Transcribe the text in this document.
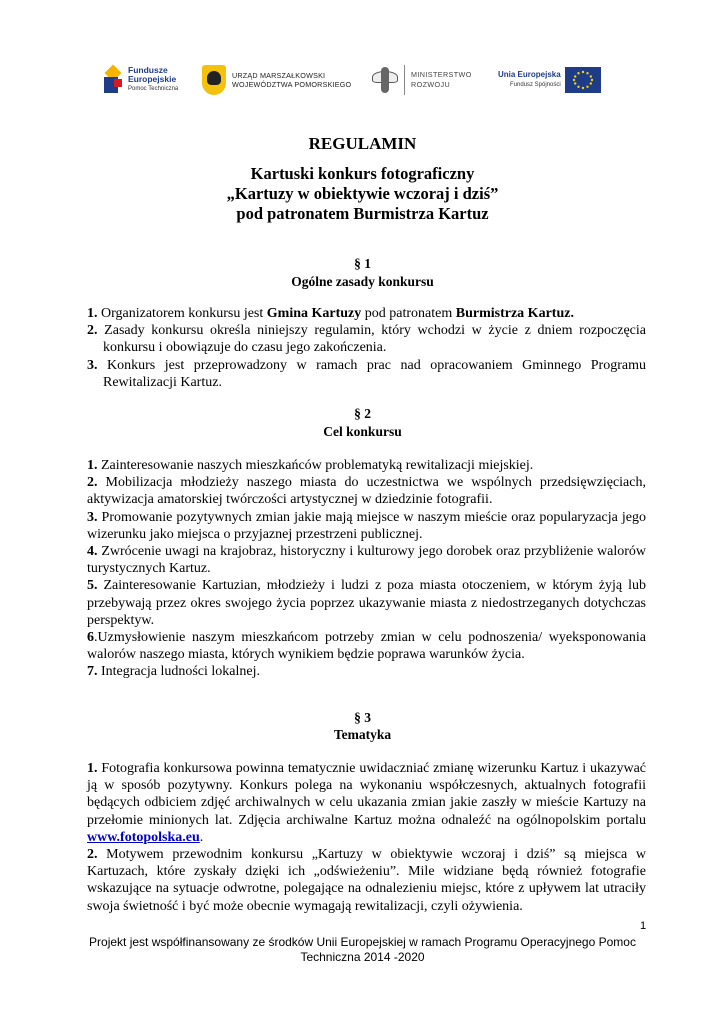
Fundusze
Europejskie
Pomoc Techniczna
URZĄD MARSZAŁKOWSKI
WOJEWÓDZTWA POMORSKIEGO
MINISTERSTWO
ROZWOJU
Unia Europejska
Fundusz Spójności
REGULAMIN
Kartuski konkurs fotograficzny
„Kartuzy w obiektywie wczoraj i dziś”
pod patronatem Burmistrza Kartuz
§ 1
Ogólne zasady konkursu
1. Organizatorem konkursu jest Gmina Kartuzy pod patronatem Burmistrza Kartuz.
2. Zasady konkursu określa niniejszy regulamin, który wchodzi w życie z dniem rozpoczęcia konkursu i obowiązuje do czasu jego zakończenia.
3. Konkurs jest przeprowadzony w ramach prac nad opracowaniem Gminnego Programu Rewitalizacji Kartuz.
§ 2
Cel konkursu
1. Zainteresowanie naszych mieszkańców problematyką rewitalizacji miejskiej.
2. Mobilizacja młodzieży naszego miasta do uczestnictwa we wspólnych przedsięwzięciach, aktywizacja amatorskiej twórczości artystycznej w dziedzinie fotografii.
3. Promowanie pozytywnych zmian jakie mają miejsce w naszym mieście oraz popularyzacja jego wizerunku jako miejsca o przyjaznej przestrzeni publicznej.
4. Zwrócenie uwagi na krajobraz, historyczny i kulturowy jego dorobek oraz przybliżenie walorów turystycznych Kartuz.
5. Zainteresowanie Kartuzian, młodzieży i ludzi z poza miasta otoczeniem, w którym żyją lub przebywają przez okres swojego życia poprzez ukazywanie miasta z niedostrzeganych dotychczas perspektyw.
6.Uzmysłowienie naszym mieszkańcom potrzeby zmian w celu podnoszenia/ wyeksponowania walorów naszego miasta, których wynikiem będzie poprawa warunków życia.
7. Integracja ludności lokalnej.
§ 3
Tematyka
1. Fotografia konkursowa powinna tematycznie uwidaczniać zmianę wizerunku Kartuz i ukazywać ją w sposób pozytywny. Konkurs polega na wykonaniu współczesnych, aktualnych fotografii będących odbiciem zdjęć archiwalnych w celu ukazania zmian jakie zaszły w mieście Kartuzy na przełomie minionych lat. Zdjęcia archiwalne Kartuz można odnaleźć na ogólnopolskim portalu www.fotopolska.eu.
2. Motywem przewodnim konkursu „Kartuzy w obiektywie wczoraj i dziś” są miejsca w Kartuzach, które zyskały dzięki ich „odświeżeniu”. Mile widziane będą również fotografie wskazujące na sytuacje odwrotne, polegające na odnalezieniu miejsc, które z upływem lat utraciły swoja świetność i być może obecnie wymagają rewitalizacji, czyli ożywienia.
1
Projekt jest współfinansowany ze środków Unii Europejskiej w ramach Programu Operacyjnego Pomoc
Techniczna 2014 -2020
